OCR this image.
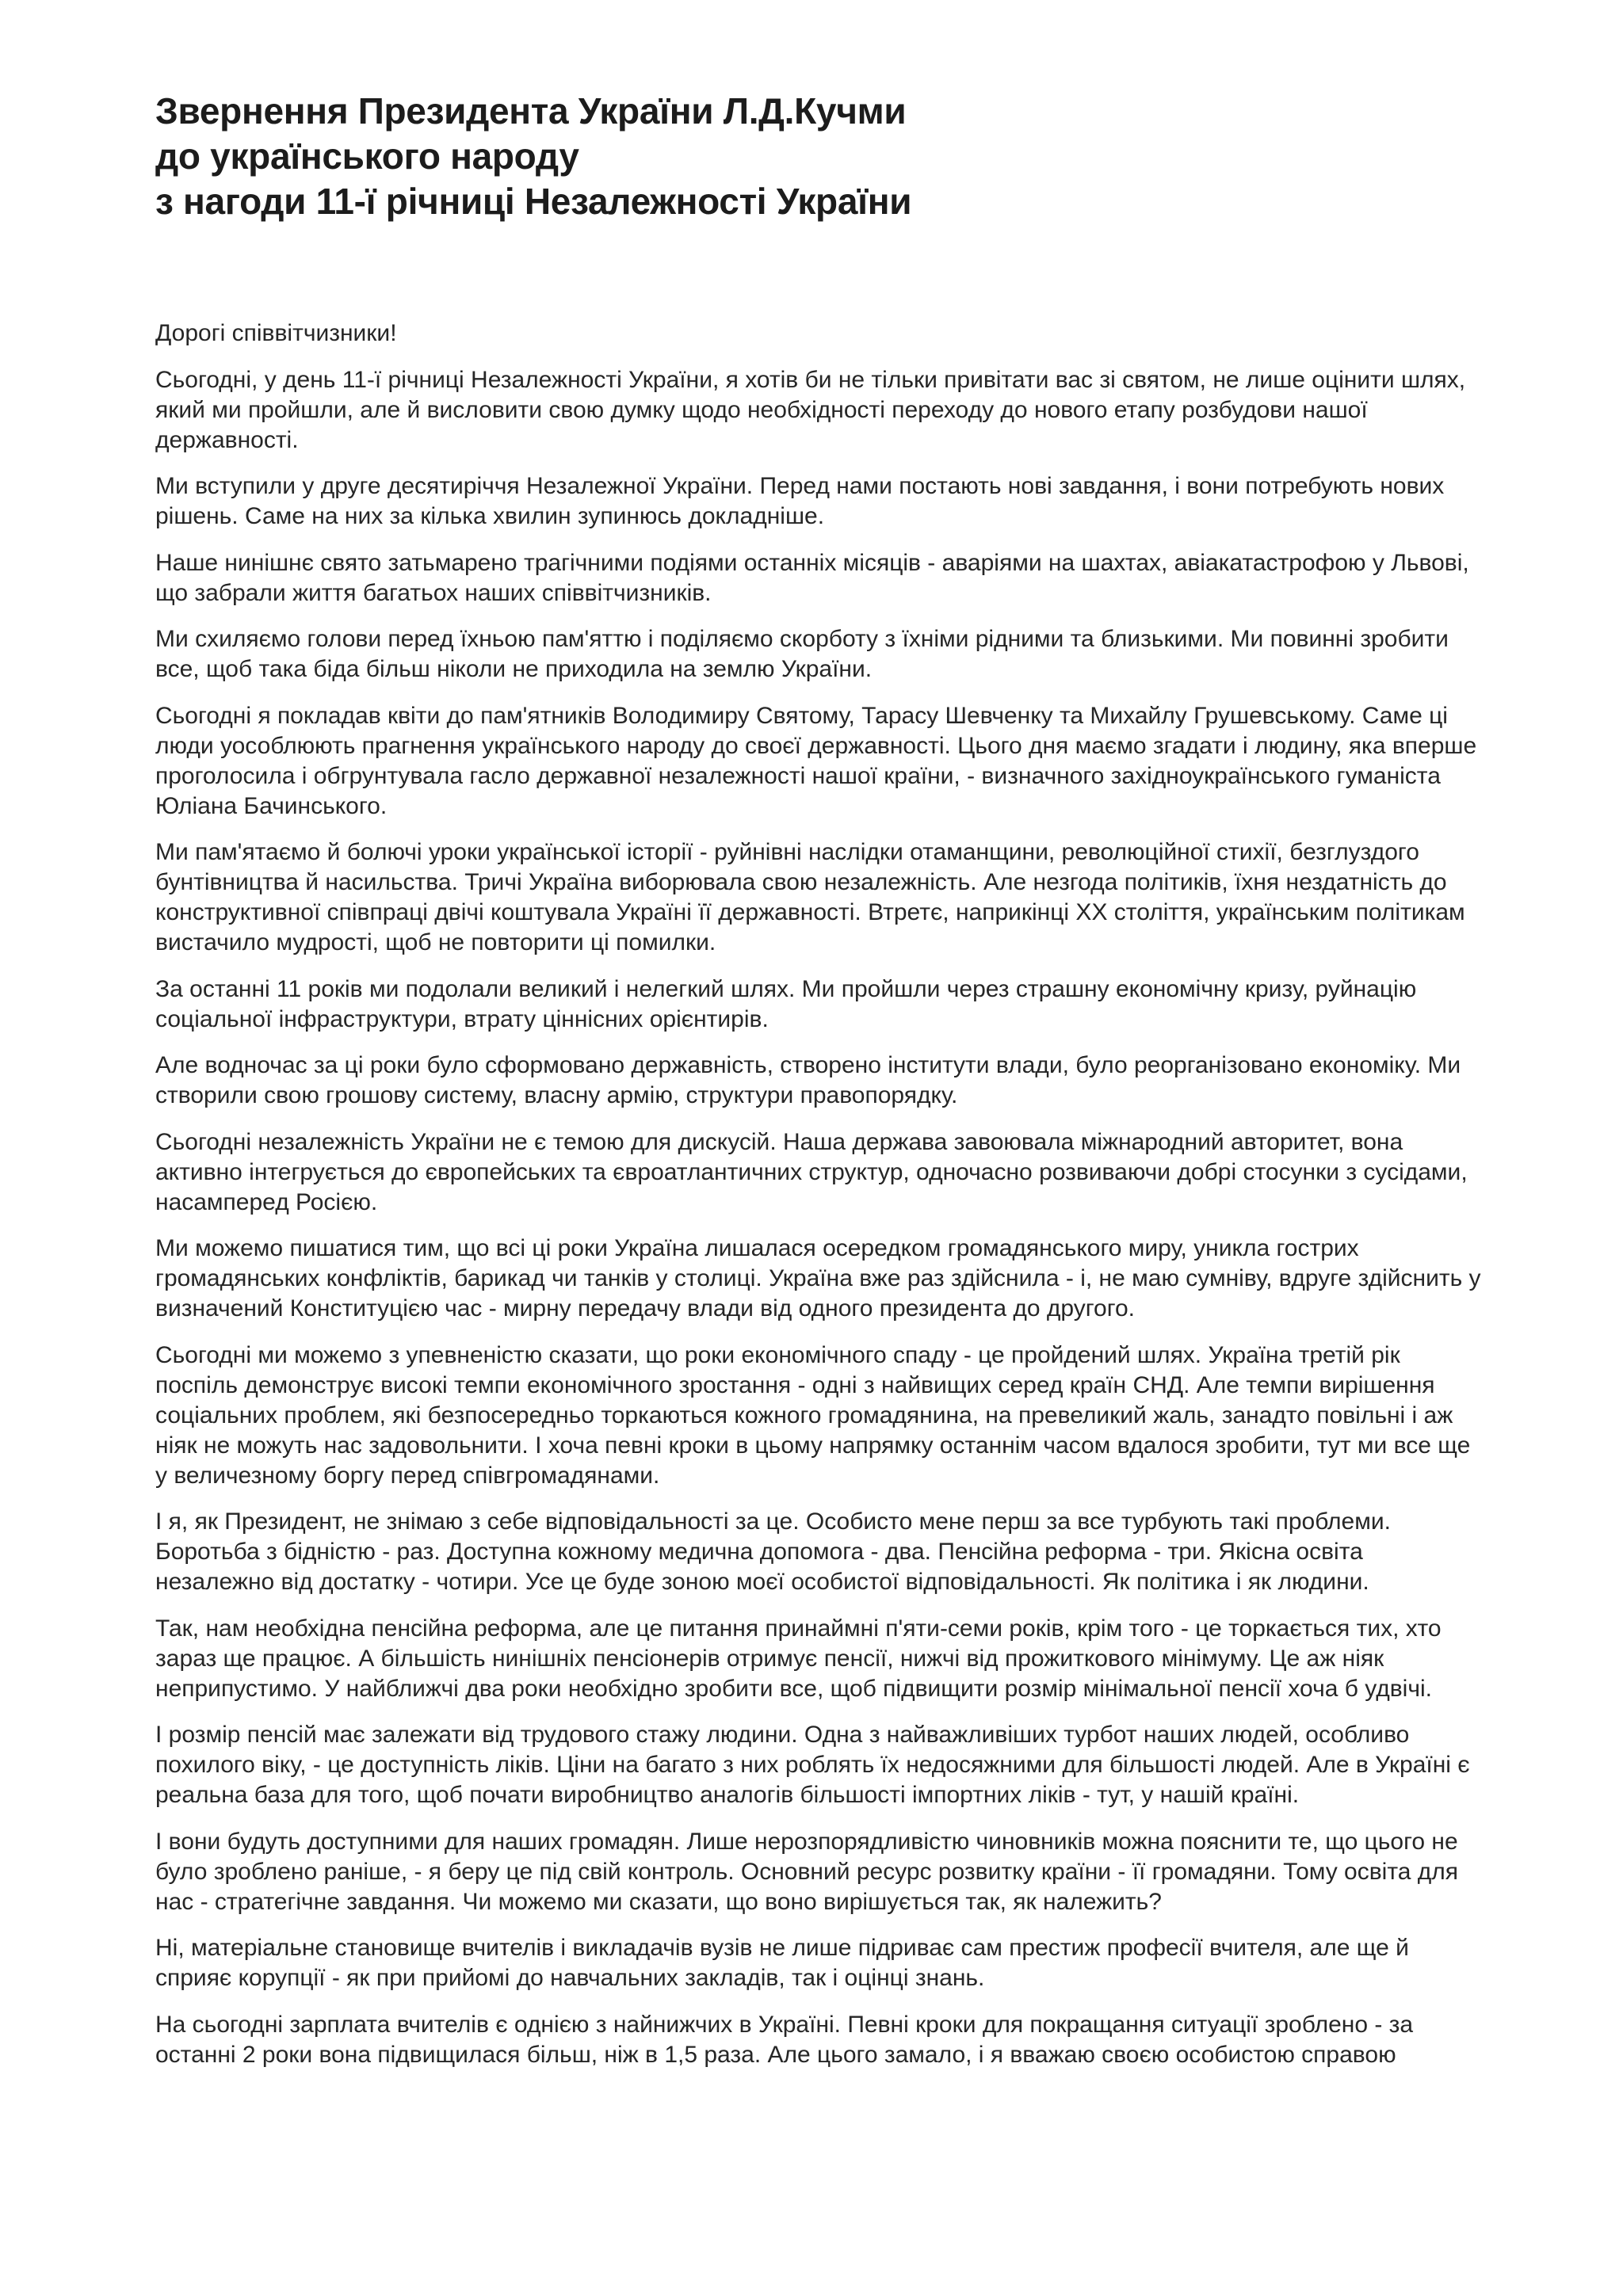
Звернення Президента України Л.Д.Кучми
до українського народу
з нагоди 11-ї річниці Незалежності України

Дорогі співвітчизники!

Сьогодні, у день 11-ї річниці Незалежності України, я хотів би не тільки привітати вас зі святом, не лише оцінити шлях, який ми пройшли, але й висловити свою думку щодо необхідності переходу до нового етапу розбудови нашої державності.

Ми вступили у друге десятиріччя Незалежної України. Перед нами постають нові завдання, і вони потребують нових рішень. Саме на них за кілька хвилин зупинюсь докладніше.

Наше нинішнє свято затьмарено трагічними подіями останніх місяців - аваріями на шахтах, авіакатастрофою у Львові, що забрали життя багатьох наших співвітчизників.

Ми схиляємо голови перед їхньою пам'яттю і поділяємо скорботу з їхніми рідними та близькими. Ми повинні зробити все, щоб така біда більш ніколи не приходила на землю України.

Сьогодні я покладав квіти до пам'ятників Володимиру Святому, Тарасу Шевченку та Михайлу Грушевському. Саме ці люди уособлюють прагнення українського народу до своєї державності. Цього дня маємо згадати і людину, яка вперше проголосила і обгрунтувала гасло державної незалежності нашої країни, - визначного західноукраїнського гуманіста Юліана Бачинського.

Ми пам'ятаємо й болючі уроки української історії - руйнівні наслідки отаманщини, революційної стихії, безглуздого бунтівництва й насильства. Тричі Україна виборювала свою незалежність. Але незгода політиків, їхня нездатність до конструктивної співпраці двічі коштувала Україні її державності. Втретє, наприкінці ХХ століття, українським політикам вистачило мудрості, щоб не повторити ці помилки.

За останні 11 років ми подолали великий і нелегкий шлях. Ми пройшли через страшну економічну кризу, руйнацію соціальної інфраструктури, втрату ціннісних орієнтирів.

Але водночас за ці роки було сформовано державність, створено інститути влади, було реорганізовано економіку. Ми створили свою грошову систему, власну армію, структури правопорядку.

Сьогодні незалежність України не є темою для дискусій. Наша держава завоювала міжнародний авторитет, вона активно інтегрується до європейських та євроатлантичних структур, одночасно розвиваючи добрі стосунки з сусідами, насамперед Росією.

Ми можемо пишатися тим, що всі ці роки Україна лишалася осередком громадянського миру, уникла гострих громадянських конфліктів, барикад чи танків у столиці. Україна вже раз здійснила - і, не маю сумніву, вдруге здійснить у визначений Конституцією час - мирну передачу влади від одного президента до другого.

Сьогодні ми можемо з упевненістю сказати, що роки економічного спаду - це пройдений шлях. Україна третій рік поспіль демонструє високі темпи економічного зростання - одні з найвищих серед країн СНД. Але темпи вирішення соціальних проблем, які безпосередньо торкаються кожного громадянина, на превеликий жаль, занадто повільні і аж ніяк не можуть нас задовольнити. І хоча певні кроки в цьому напрямку останнім часом вдалося зробити, тут ми все ще у величезному боргу перед співгромадянами.

І я, як Президент, не знімаю з себе відповідальності за це. Особисто мене перш за все турбують такі проблеми. Боротьба з бідністю - раз. Доступна кожному медична допомога - два. Пенсійна реформа - три. Якісна освіта незалежно від достатку - чотири. Усе це буде зоною моєї особистої відповідальності. Як політика і як людини.

Так, нам необхідна пенсійна реформа, але це питання принаймні п'яти-семи років, крім того - це торкається тих, хто зараз ще працює. А більшість нинішніх пенсіонерів отримує пенсії, нижчі від прожиткового мінімуму. Це аж ніяк неприпустимо. У найближчі два роки необхідно зробити все, щоб підвищити розмір мінімальної пенсії хоча б удвічі.

І розмір пенсій має залежати від трудового стажу людини. Одна з найважливіших турбот наших людей, особливо похилого віку, - це доступність ліків. Ціни на багато з них роблять їх недосяжними для більшості людей. Але в Україні є реальна база для того, щоб почати виробництво аналогів більшості імпортних ліків - тут, у нашій країні.

І вони будуть доступними для наших громадян. Лише нерозпорядливістю чиновників можна пояснити те, що цього не було зроблено раніше, - я беру це під свій контроль. Основний ресурс розвитку країни - її громадяни. Тому освіта для нас - стратегічне завдання. Чи можемо ми сказати, що воно вирішується так, як належить?

Ні, матеріальне становище вчителів і викладачів вузів не лише підриває сам престиж професії вчителя, але ще й сприяє корупції - як при прийомі до навчальних закладів, так і оцінці знань.

На сьогодні зарплата вчителів є однією з найнижчих в Україні. Певні кроки для покращання ситуації зроблено - за останні 2 роки вона підвищилася більш, ніж в 1,5 раза. Але цього замало, і я вважаю своєю особистою справою
